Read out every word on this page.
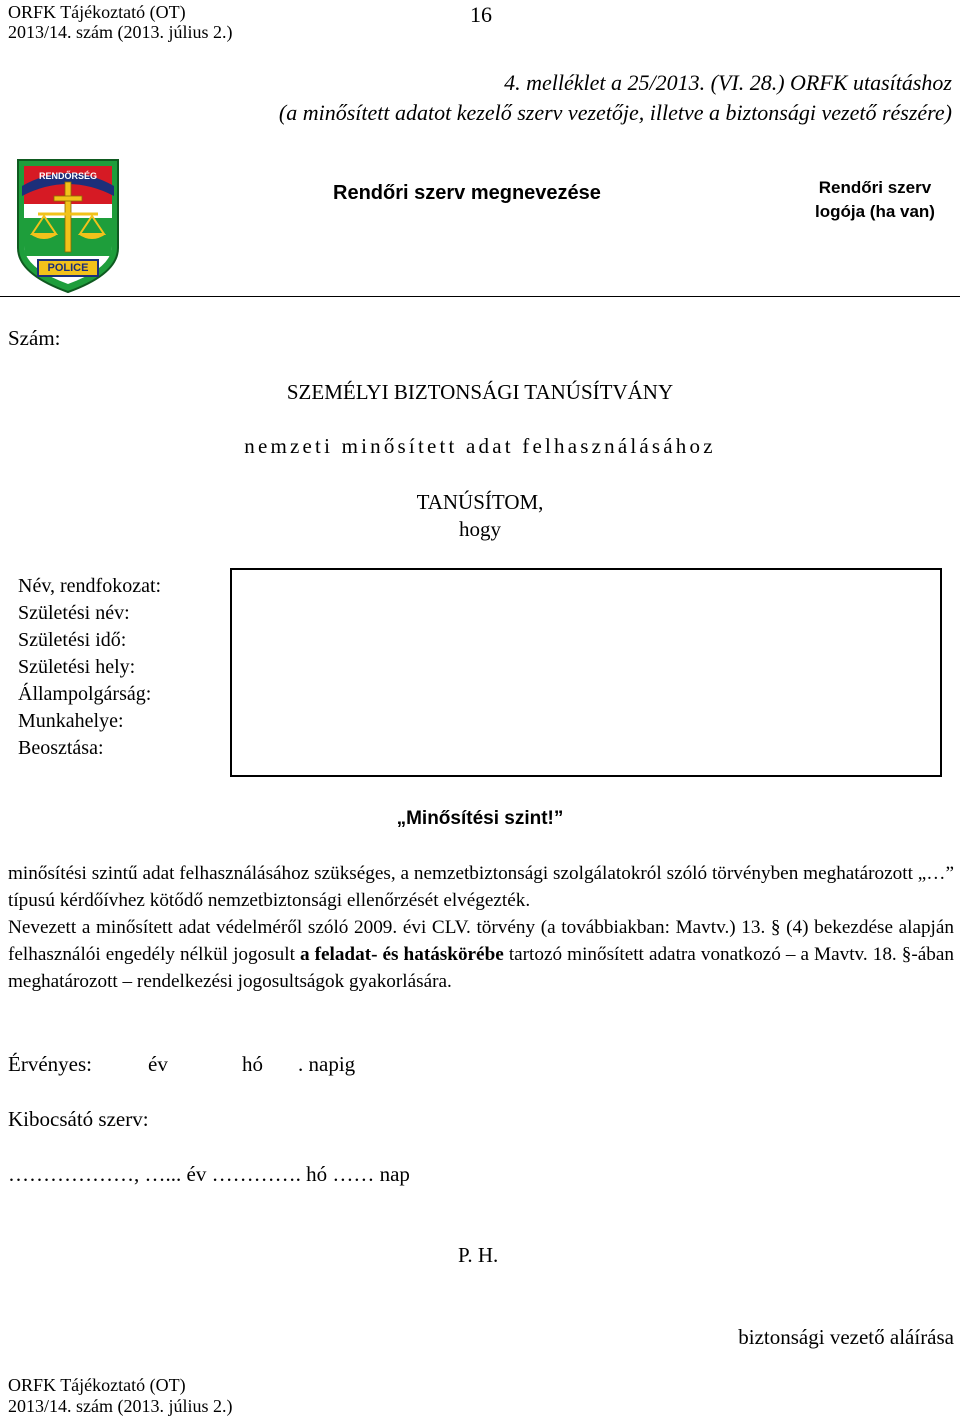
ORFK Tájékoztató (OT)
2013/14. szám (2013. július 2.)
16
4. melléklet a 25/2013. (VI. 28.) ORFK utasításhoz
(a minősített adatot kezelő szerv vezetője, illetve a biztonsági vezető részére)
RENDŐRSÉG
POLICE
Rendőri szerv megnevezése	Rendőri szerv
logója (ha van)
Szám:
SZEMÉLYI BIZTONSÁGI TANÚSÍTVÁNY
nemzeti minősített adat felhasználásához
TANÚSÍTOM,
hogy
Név, rendfokozat:
Születési név:
Születési idő:
Születési hely:
Állampolgárság:
Munkahelye:
Beosztása:
„Minősítési szint!”
minősítési szintű adat felhasználásához szükséges, a nemzetbiztonsági szolgálatokról szóló törvényben meghatározott „…” típusú kérdőívhez kötődő nemzetbiztonsági ellenőrzését elvégezték.
Nevezett a minősített adat védelméről szóló 2009. évi CLV. törvény (a továbbiakban: Mavtv.) 13. § (4) bekezdése alapján felhasználói engedély nélkül jogosult a feladat- és hatáskörébe tartozó minősített adatra vonatkozó – a Mavtv. 18. §-ában meghatározott – rendelkezési jogosultságok gyakorlására.
Érvényes:	év	hó . napig
Kibocsátó szerv:
………………, …... év …………. hó …… nap
P. H.
biztonsági vezető aláírása
ORFK Tájékoztató (OT)
2013/14. szám (2013. július 2.)
